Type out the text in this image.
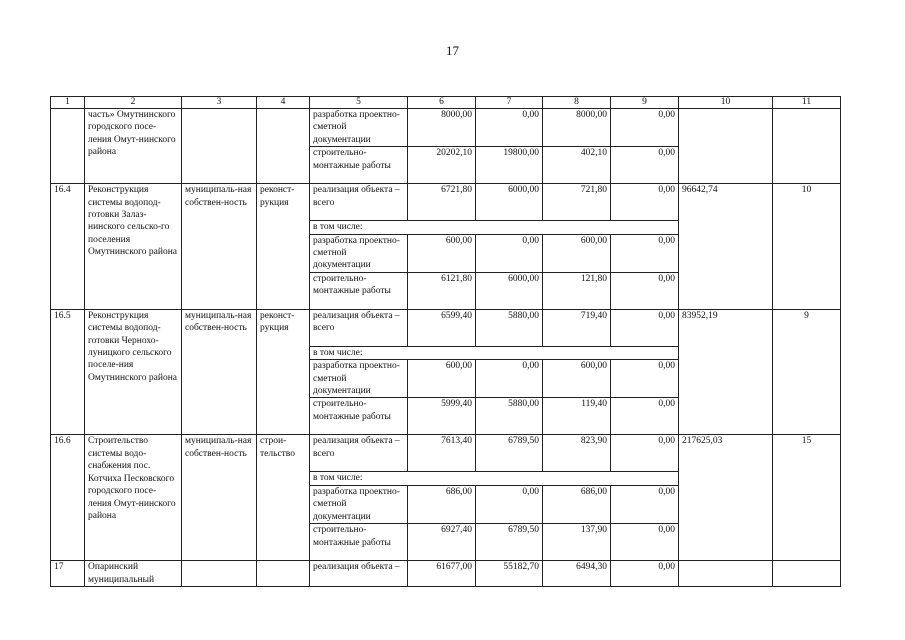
17
1	2	3	4	5	6	7	8	9	10	11
	часть» Омутнинского городского посе-ления Омут-нинского района			разработка проектно-сметной документации	8000,00	0,00	8000,00	0,00		
				строительно-монтажные работы	20202,10	19800,00	402,10	0,00		
16.4	Реконструкция системы водопод-готовки Залаз-нинского сельско-го поселения Омутнинского района	муниципаль-ная собствен-ность	реконст-рукция	реализация объекта – всего	6721,80	6000,00	721,80	0,00	96642,74	10
				в том числе:						
				разработка проектно-сметной документации	600,00	0,00	600,00	0,00		
				строительно-монтажные работы	6121,80	6000,00	121,80	0,00		
16.5	Реконструкция системы водопод-готовки Чернохо-луницкого сельского поселе-ния Омутнинского района	муниципаль-ная собствен-ность	реконст-рукция	реализация объекта – всего	6599,40	5880,00	719,40	0,00	83952,19	9
				в том числе:						
				разработка проектно-сметной документации	600,00	0,00	600,00	0,00		
				строительно-монтажные работы	5999,40	5880,00	119,40	0,00		
16.6	Строительство системы водо-снабжения пос. Котчиха Песковского городского посе-ления Омут-нинского района	муниципаль-ная собствен-ность	строи-тельство	реализация объекта – всего	7613,40	6789,50	823,90	0,00	217625,03	15
				в том числе:						
				разработка проектно-сметной документации	686,00	0,00	686,00	0,00		
				строительно-монтажные работы	6927,40	6789,50	137,90	0,00		
17	Опаринский муниципальный			реализация объекта –	61677,00	55182,70	6494,30	0,00		
